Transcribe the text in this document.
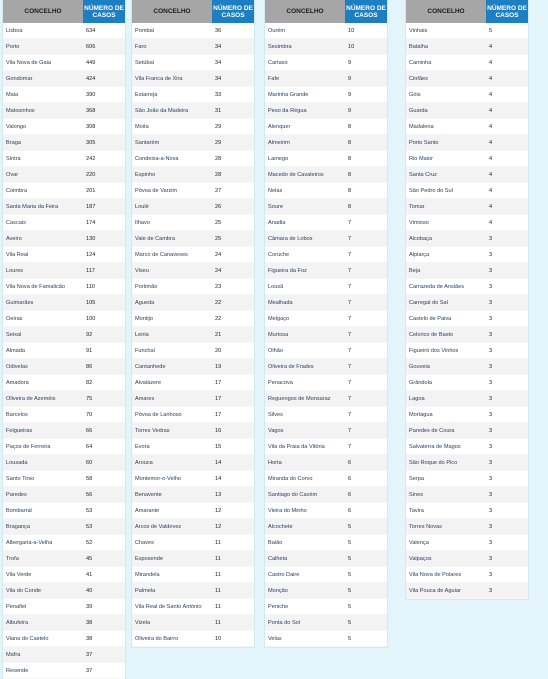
CONCELHO	NÚMERO DE CASOS
Lisboa	634
Porto	606
Vila Nova de Gaia	449
Gondomar	424
Maia	390
Matosinhos	368
Valongo	308
Braga	305
Sintra	242
Ovar	220
Coimbra	201
Santa Maria da Feira	187
Cascais	174
Aveiro	130
Vila Real	124
Loures	117
Vila Nova de Famalicão	110
Guimarães	105
Oeiras	100
Seixal	92
Almada	91
Odivelas	86
Amadora	82
Oliveira de Azeméis	75
Barcelos	70
Felgueiras	66
Paços de Ferreira	64
Lousada	60
Santo Tirso	58
Paredes	56
Bombarral	53
Bragança	53
Albergaria-a-Velha	52
Trofa	45
Vila Verde	41
Vila do Conde	40
Penafiel	39
Albufeira	38
Viana do Castelo	38
Mafra	37
Resende	37
CONCELHO	NÚMERO DE CASOS
Pombal	36
Faro	34
Setúbal	34
Vila Franca de Xira	34
Estarreja	33
São João da Madeira	31
Moita	29
Santarém	29
Condeixa-a-Nova	28
Espinho	28
Póvoa de Varzim	27
Loulé	26
Ílhavo	25
Vale de Cambra	25
Marco de Canaveses	24
Viseu	24
Portimão	23
Águeda	22
Montijo	22
Leiria	21
Funchal	20
Cantanhede	19
Alvaiázere	17
Amares	17
Póvoa de Lanhoso	17
Torres Vedras	16
Évora	15
Arouca	14
Montemor-o-Velho	14
Benavente	13
Amarante	12
Arcos de Valdevez	12
Chaves	11
Esposende	11
Mirandela	11
Palmela	11
Vila Real de Santo António	11
Vizela	11
Oliveira do Bairro	10
CONCELHO	NÚMERO DE CASOS
Ourém	10
Sesimbra	10
Cartaxo	9
Fafe	9
Marinha Grande	9
Peso da Régua	9
Alenquer	8
Almeirim	8
Lamego	8
Macedo de Cavaleiros	8
Nelas	8
Soure	8
Anadia	7
Câmara de Lobos	7
Coruche	7
Figueira da Foz	7
Lousã	7
Mealhada	7
Melgaço	7
Murtosa	7
Olhão	7
Oliveira de Frades	7
Penacova	7
Reguengos de Monsaraz	7
Silves	7
Vagos	7
Vila da Praia da Vitória	7
Horta	6
Miranda do Corvo	6
Santiago do Cacém	6
Vieira do Minho	6
Alcochete	5
Baião	5
Calheta	5
Castro Daire	5
Monção	5
Peniche	5
Ponta do Sol	5
Velas	5
CONCELHO	NÚMERO DE CASOS
Vinhais	5
Batalha	4
Caminha	4
Cinfães	4
Góis	4
Guarda	4
Madalena	4
Porto Santo	4
Rio Maior	4
Santa Cruz	4
São Pedro do Sul	4
Tomar	4
Vimioso	4
Alcobaça	3
Alpiarça	3
Beja	3
Carrazeda de Ansiães	3
Carregal do Sal	3
Castelo de Paiva	3
Celorico de Basto	3
Figueiró dos Vinhos	3
Gouveia	3
Grândola	3
Lagoa	3
Mortágua	3
Paredes de Coura	3
Salvaterra de Magos	3
São Roque do Pico	3
Serpa	3
Sines	3
Tavira	3
Torres Novas	3
Valença	3
Valpaços	3
Vila Nova de Polares	3
Vila Pouca de Aguiar	3
